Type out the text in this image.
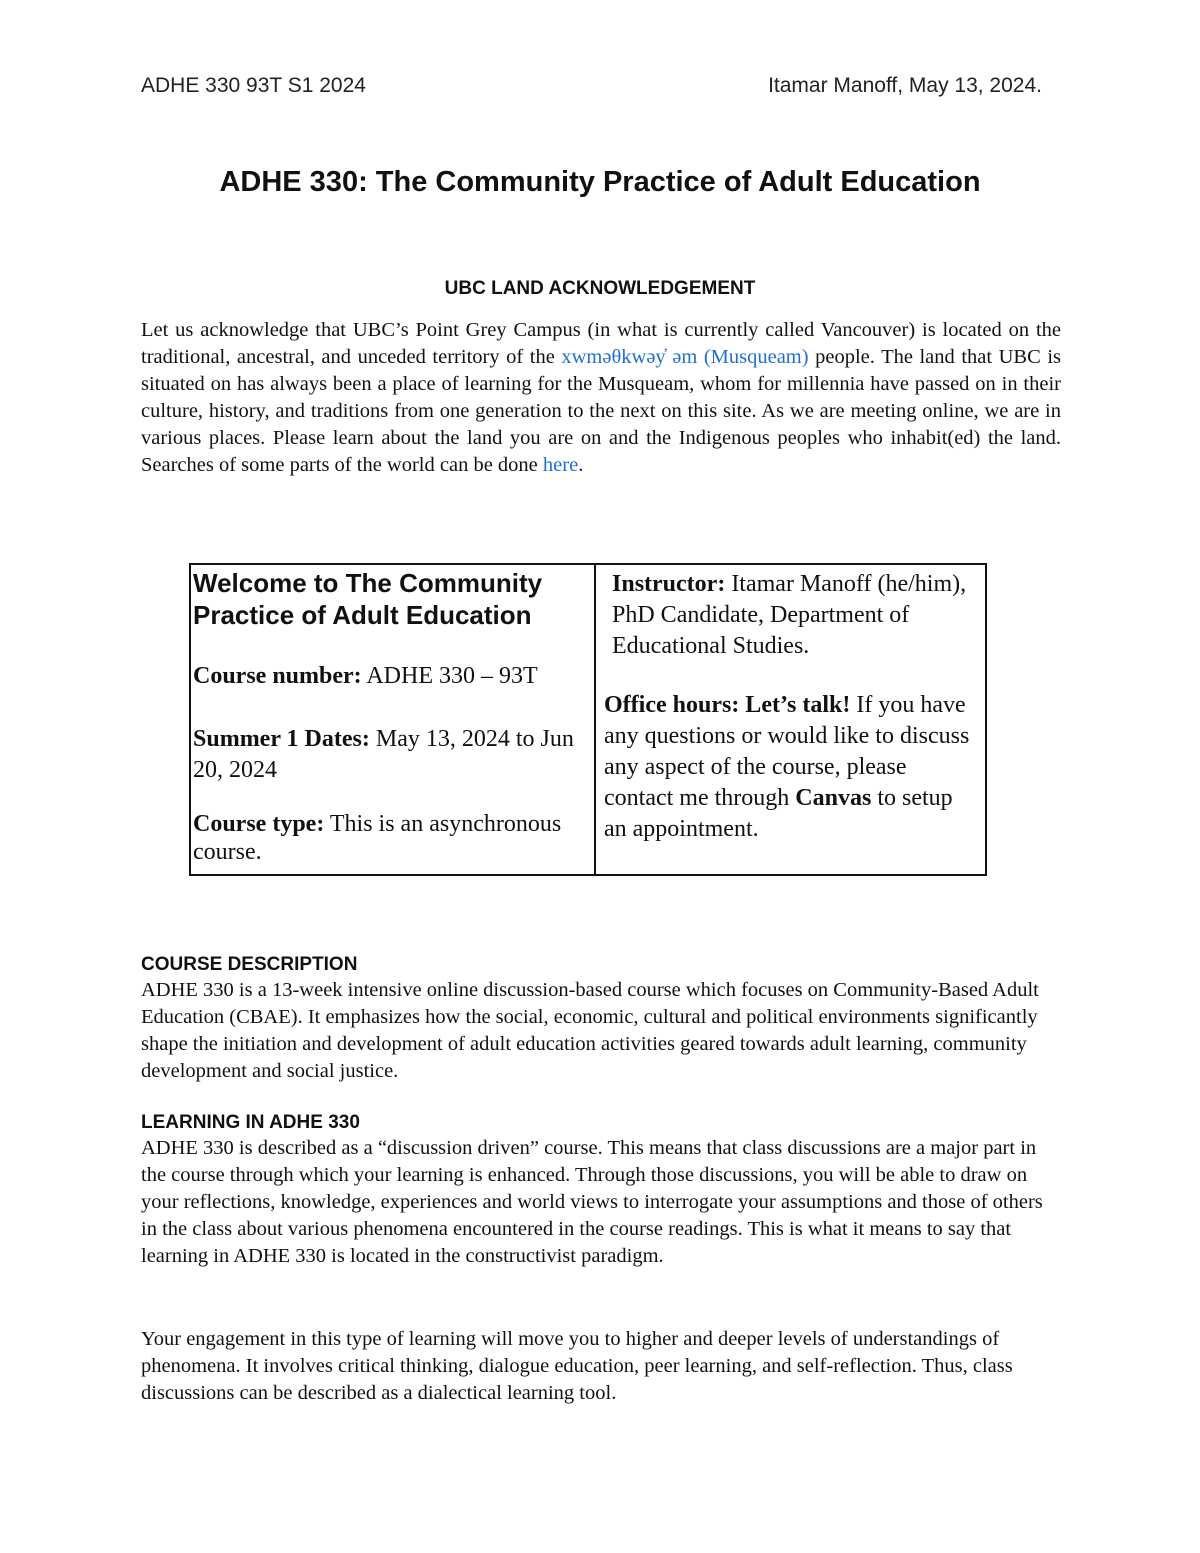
ADHE 330 93T S1 2024	Itamar Manoff, May 13, 2024.
ADHE 330: The Community Practice of Adult Education
UBC LAND ACKNOWLEDGEMENT

Let us acknowledge that UBC’s Point Grey Campus (in what is currently called Vancouver) is located on the traditional, ancestral, and unceded territory of the xwməθkwəy̓ əm (Musqueam) people. The land that UBC is situated on has always been a place of learning for the Musqueam, whom for millennia have passed on in their culture, history, and traditions from one generation to the next on this site. As we are meeting online, we are in various places. Please learn about the land you are on and the Indigenous peoples who inhabit(ed) the land. Searches of some parts of the world can be done here.

Welcome to The Community Practice of Adult Education

Course number: ADHE 330 – 93T

Summer 1 Dates: May 13, 2024 to Jun 20, 2024

Course type: This is an asynchronous course.

Instructor: Itamar Manoff (he/him), PhD Candidate, Department of Educational Studies.

Office hours: Let’s talk! If you have any questions or would like to discuss any aspect of the course, please contact me through Canvas to setup an appointment.

COURSE DESCRIPTION

ADHE 330 is a 13-week intensive online discussion-based course which focuses on Community-Based Adult Education (CBAE). It emphasizes how the social, economic, cultural and political environments significantly shape the initiation and development of adult education activities geared towards adult learning, community development and social justice.

LEARNING IN ADHE 330

ADHE 330 is described as a “discussion driven” course. This means that class discussions are a major part in the course through which your learning is enhanced. Through those discussions, you will be able to draw on your reflections, knowledge, experiences and world views to interrogate your assumptions and those of others in the class about various phenomena encountered in the course readings. This is what it means to say that learning in ADHE 330 is located in the constructivist paradigm.

Your engagement in this type of learning will move you to higher and deeper levels of understandings of phenomena. It involves critical thinking, dialogue education, peer learning, and self-reflection. Thus, class discussions can be described as a dialectical learning tool.
